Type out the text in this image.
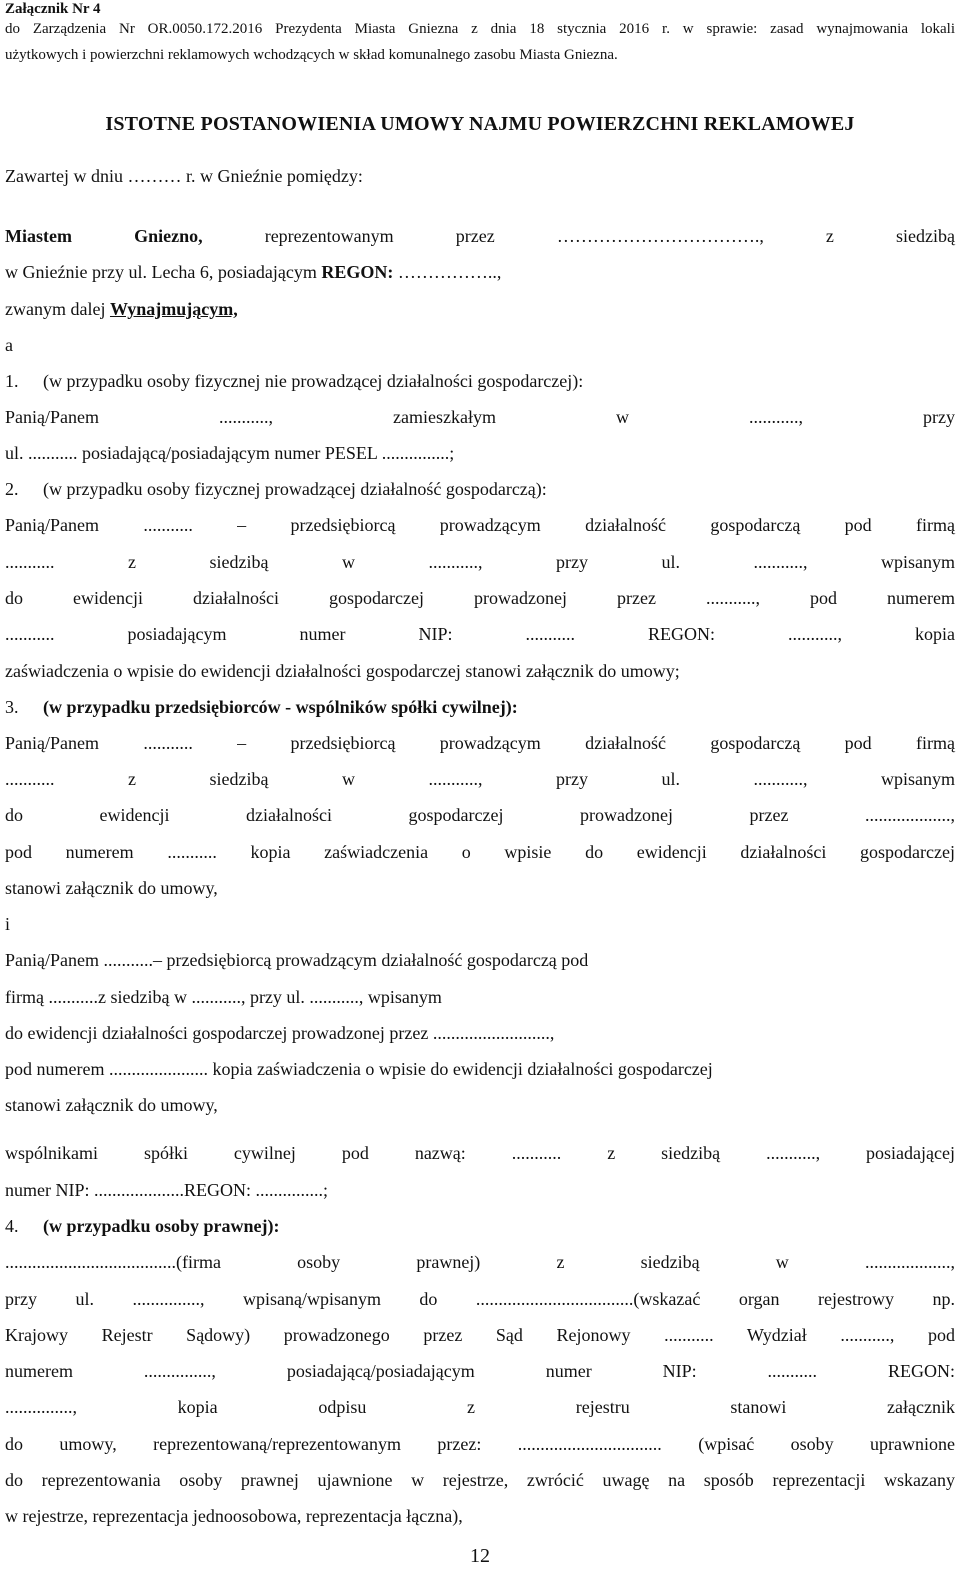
Załącznik Nr 4
do Zarządzenia Nr OR.0050.172.2016 Prezydenta Miasta Gniezna z dnia 18 stycznia 2016 r. w sprawie: zasad wynajmowania lokali
użytkowych i powierzchni reklamowych wchodzących w skład komunalnego zasobu Miasta Gniezna.
ISTOTNE POSTANOWIENIA UMOWY NAJMU POWIERZCHNI REKLAMOWEJ
Zawartej w dniu ……… r. w Gnieźnie pomiędzy:
Miastem Gniezno,	reprezentowanym przez ……………………………., z siedzibą
w Gnieźnie przy ul. Lecha 6, posiadającym REGON: ……………..,
zwanym dalej Wynajmującym,
a
1. (w przypadku osoby fizycznej nie prowadzącej działalności gospodarczej):
Panią/Panem ..........., zamieszkałym w ..........., przy
ul. ........... posiadającą/posiadającym numer PESEL ...............;
2. (w przypadku osoby fizycznej prowadzącej działalność gospodarczą):
Panią/Panem ........... – przedsiębiorcą prowadzącym działalność gospodarczą pod firmą
........... z siedzibą w ..........., przy ul. ..........., wpisanym
do ewidencji działalności gospodarczej prowadzonej przez ..........., pod numerem
........... posiadającym numer NIP: ........... REGON: ..........., kopia
zaświadczenia o wpisie do ewidencji działalności gospodarczej stanowi załącznik do umowy;
3. (w przypadku przedsiębiorców - wspólników spółki cywilnej):
Panią/Panem ........... – przedsiębiorcą prowadzącym działalność gospodarczą pod firmą
........... z siedzibą w ..........., przy ul. ..........., wpisanym
do ewidencji działalności gospodarczej prowadzonej przez ...................,
pod numerem ........... kopia zaświadczenia o wpisie do ewidencji działalności gospodarczej
stanowi załącznik do umowy,
i
Panią/Panem ...........– przedsiębiorcą prowadzącym działalność gospodarczą pod
firmą ...........z siedzibą w ..........., przy ul. ..........., wpisanym
do ewidencji działalności gospodarczej prowadzonej przez ..........................,
pod numerem ...................... kopia zaświadczenia o wpisie do ewidencji działalności gospodarczej
stanowi załącznik do umowy,
wspólnikami spółki cywilnej pod nazwą: ........... z siedzibą ..........., posiadającej
numer NIP: ....................REGON: ...............;
4. (w przypadku osoby prawnej):
......................................(firma osoby prawnej) z siedzibą w ...................,
przy ul. ..............., wpisaną/wpisanym do ...................................(wskazać organ rejestrowy np.
Krajowy Rejestr Sądowy) prowadzonego przez Sąd Rejonowy ........... Wydział ..........., pod
numerem ..............., posiadającą/posiadającym numer NIP: ........... REGON:
..............., kopia odpisu z rejestru stanowi załącznik
do umowy, reprezentowaną/reprezentowanym przez: ................................ (wpisać osoby uprawnione
do reprezentowania osoby prawnej ujawnione w rejestrze, zwrócić uwagę na sposób reprezentacji wskazany
w rejestrze, reprezentacja jednoosobowa, reprezentacja łączna),
12
